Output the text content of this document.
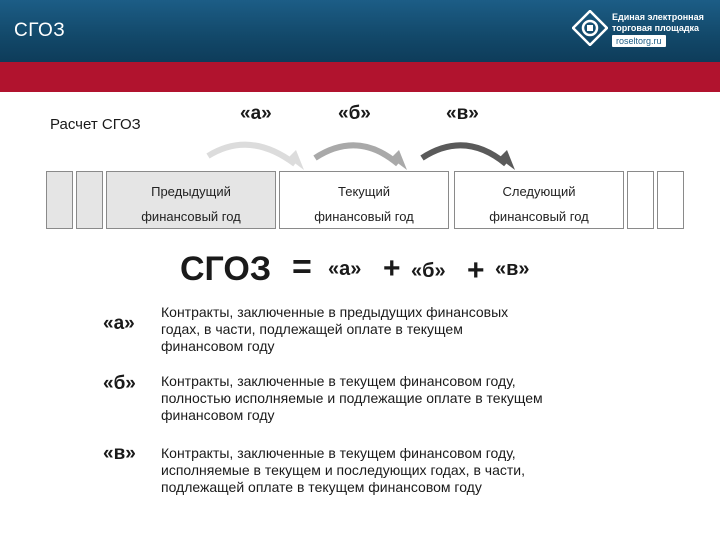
СГОЗ
Единая электронная
торговая площадка
roseltorg.ru
Расчет СГОЗ
«а»	«б»	«в»
Предыдущий
финансовый год
Текущий
финансовый год
Следующий
финансовый год
СГОЗ = «а» + «б» + «в»
«а»
Контракты, заключенные в предыдущих финансовых
годах, в части, подлежащей оплате в текущем
финансовом году
«б» Контракты, заключенные в текущем финансовом году,
полностью исполняемые и подлежащие оплате в текущем
финансовом году
«в» Контракты, заключенные в текущем финансовом году,
исполняемые в текущем и последующих годах, в части,
подлежащей оплате в текущем финансовом году
